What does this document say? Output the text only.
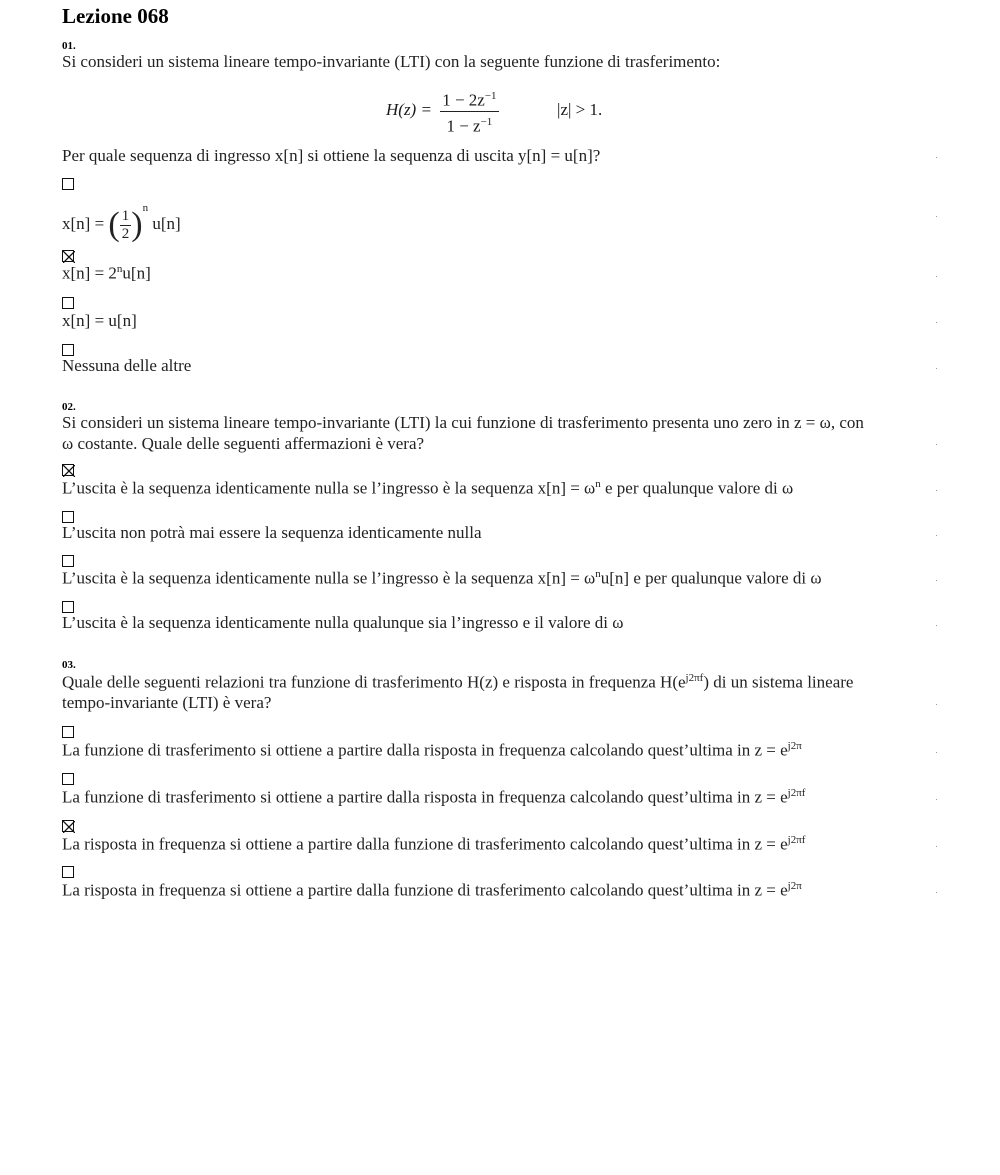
Lezione 068
01.
Si consideri un sistema lineare tempo-invariante (LTI) con la seguente funzione di trasferimento:
$H(z) = \frac{1 - 2z^{-1}}{1 - z^{-1}}$	|z| > 1.
Per quale sequenza di ingresso x[n] si ottiene la sequenza di uscita y[n] = u[n]?
x[n] = ( $\frac{1}{2} )^n$ u[n]
$x[n] = 2^nu[n]$
x[n] = u[n]
Nessuna delle altre
02.
Si consideri un sistema lineare tempo-invariante (LTI) la cui funzione di trasferimento presenta uno zero in z = ω, con
ω costante. Quale delle seguenti affermazioni è vera?
L’uscita è la sequenza identicamente nulla se l’ingresso è la sequenza $x[n] = \omega^n$ e per qualunque valore di ω
L’uscita non potrà mai essere la sequenza identicamente nulla
L’uscita è la sequenza identicamente nulla se l’ingresso è la sequenza $x[n] = \omega^nu[n]$ e per qualunque valore di ω
L’uscita è la sequenza identicamente nulla qualunque sia l’ingresso e il valore di ω
03.
Quale delle seguenti relazioni tra funzione di trasferimento H(z) e risposta in frequenza $H(e^{j2\pi f})$ di un sistema lineare
tempo-invariante (LTI) è vera?
La funzione di trasferimento si ottiene a partire dalla risposta in frequenza calcolando quest’ultima in $z = e^{j2\pi}$
La funzione di trasferimento si ottiene a partire dalla risposta in frequenza calcolando quest’ultima in $z = e^{j2\pi f}$
La risposta in frequenza si ottiene a partire dalla funzione di trasferimento calcolando quest’ultima in $z = e^{j2\pi f}$
La risposta in frequenza si ottiene a partire dalla funzione di trasferimento calcolando quest’ultima in $z = e^{j2\pi}$
